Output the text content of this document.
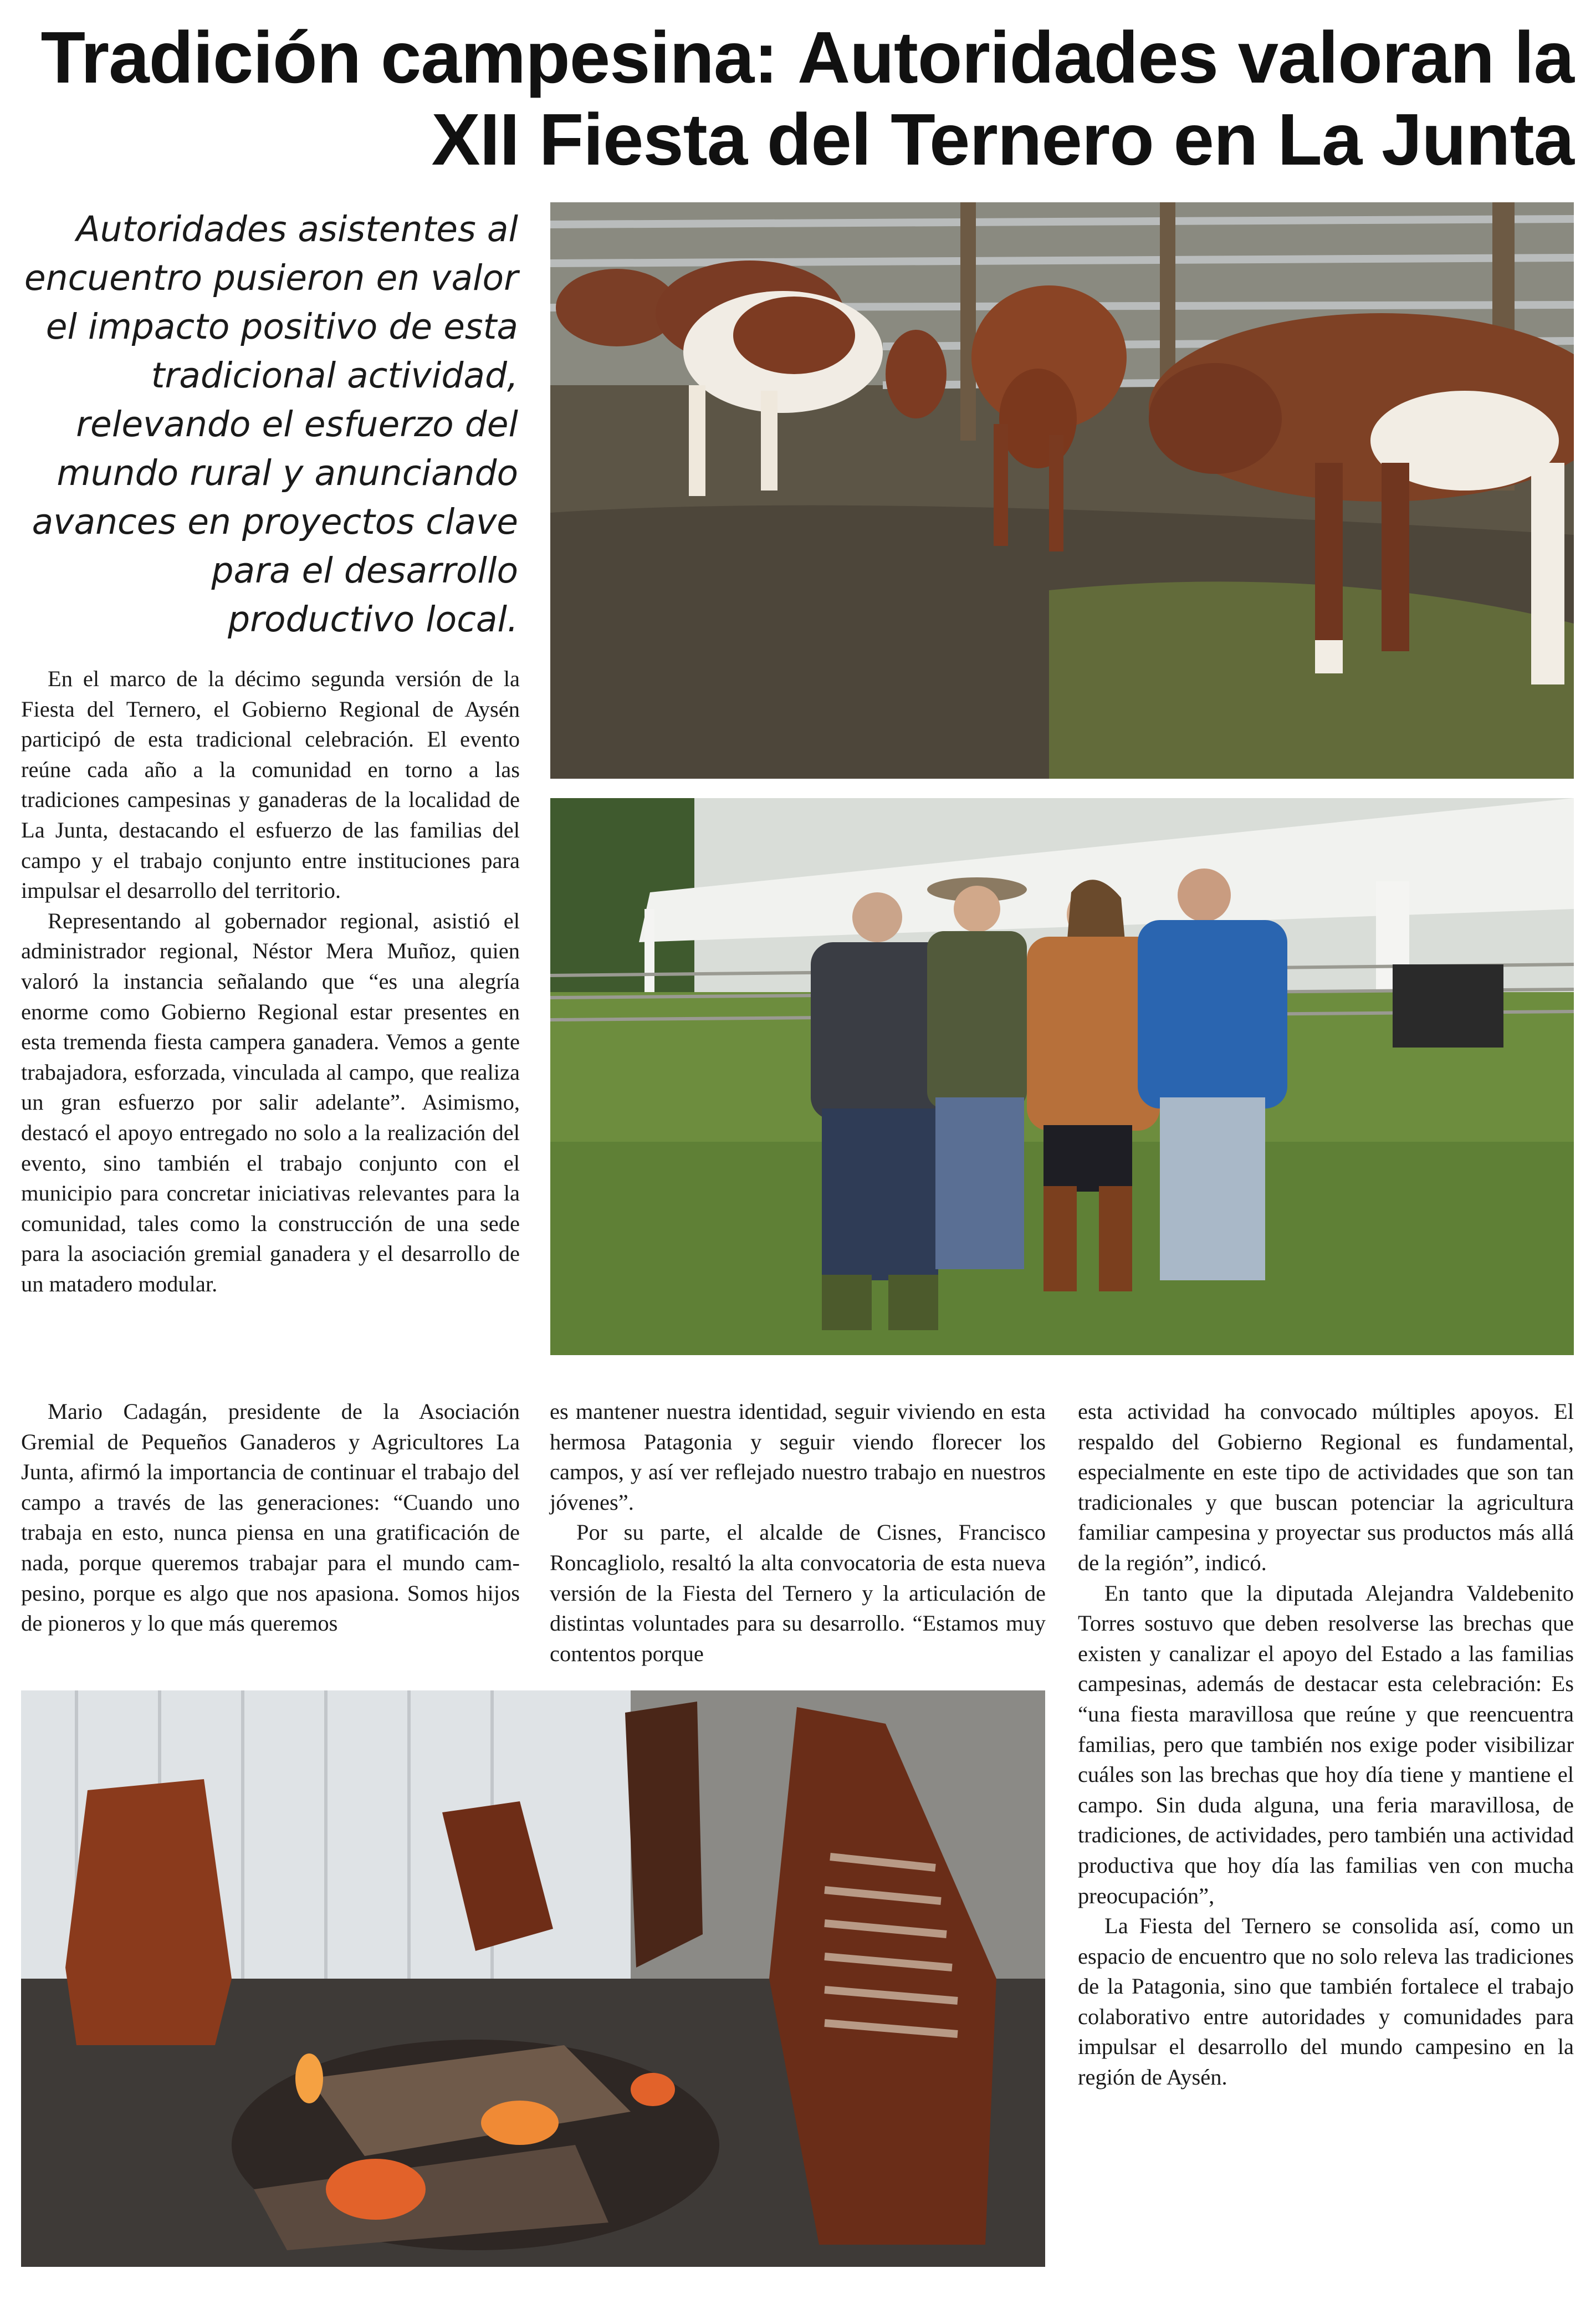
Tradición campesina: Autoridades valoran la XII Fiesta del Ternero en La Junta
Autoridades asistentes al encuentro pusieron en valor el impacto positivo de esta tradicional actividad, relevando el esfuerzo del mundo rural y anunciando avances en proyectos clave para el desarrollo productivo local.

En el marco de la décimo segunda versión de la Fiesta del Ternero, el Gobierno Regional de Aysén participó de esta tradicional celebración. El evento reúne cada año a la comunidad en torno a las tradiciones campesinas y ganaderas de la localidad de La Junta, destacando el esfuerzo de las familias del campo y el trabajo conjunto entre instituciones para impulsar el desarrollo del territorio.

Representando al gobernador regional, asistió el administrador regional, Néstor Mera Muñoz, quien valoró la instancia señalando que “es una alegría enorme como Gobierno Regional estar presentes en esta tremenda fiesta campera ganadera. Vemos a gente trabajadora, esforzada, vinculada al campo, que realiza un gran esfuerzo por salir adelante”. Asimismo, destacó el apoyo entregado no solo a la realización del evento, sino también el trabajo conjunto con el municipio para concretar iniciativas relevantes para la comunidad, tales como la construcción de una sede para la asociación gremial ganadera y el desarrollo de un matadero modular.

Mario Cadagán, presidente de la Asociación Gremial de Pequeños Ganaderos y Agricultores La Junta, afirmó la importancia de continuar el trabajo del campo a través de las generaciones: “Cuando uno trabaja en esto, nunca piensa en una gratificación de nada, porque queremos trabajar para el mundo campesino, porque es algo que nos apasiona. Somos hijos de pioneros y lo que más queremos

es mantener nuestra identidad, seguir viviendo en esta hermosa Patagonia y seguir viendo florecer los campos, y así ver reflejado nuestro trabajo en nuestros jóvenes”.

Por su parte, el alcalde de Cisnes, Francisco Roncagliolo, resaltó la alta convocatoria de esta nueva versión de la Fiesta del Ternero y la articulación de distintas voluntades para su desarrollo. “Estamos muy contentos porque

esta actividad ha convocado múltiples apoyos. El respaldo del Gobierno Regional es fundamental, especialmente en este tipo de actividades que son tan tradicionales y que buscan potenciar la agricultura familiar campesina y proyectar sus productos más allá de la región”, indicó.

En tanto que la diputada Alejandra Valdebenito Torres sostuvo que deben resolverse las brechas que existen y canalizar el apoyo del Estado a las familias campesinas, además de destacar esta celebración: Es “una fiesta maravillosa que reúne y que reencuentra familias, pero que también nos exige poder visibilizar cuáles son las brechas que hoy día tiene y mantiene el campo. Sin duda alguna, una feria maravillosa, de tradiciones, de actividades, pero también una actividad productiva que hoy día las familias ven con mucha preocupación”,

La Fiesta del Ternero se consolida así, como un espacio de encuentro que no solo releva las tradiciones de la Patagonia, sino que también fortalece el trabajo colaborativo entre autoridades y comunidades para impulsar el desarrollo del mundo campesino en la región de Aysén.
